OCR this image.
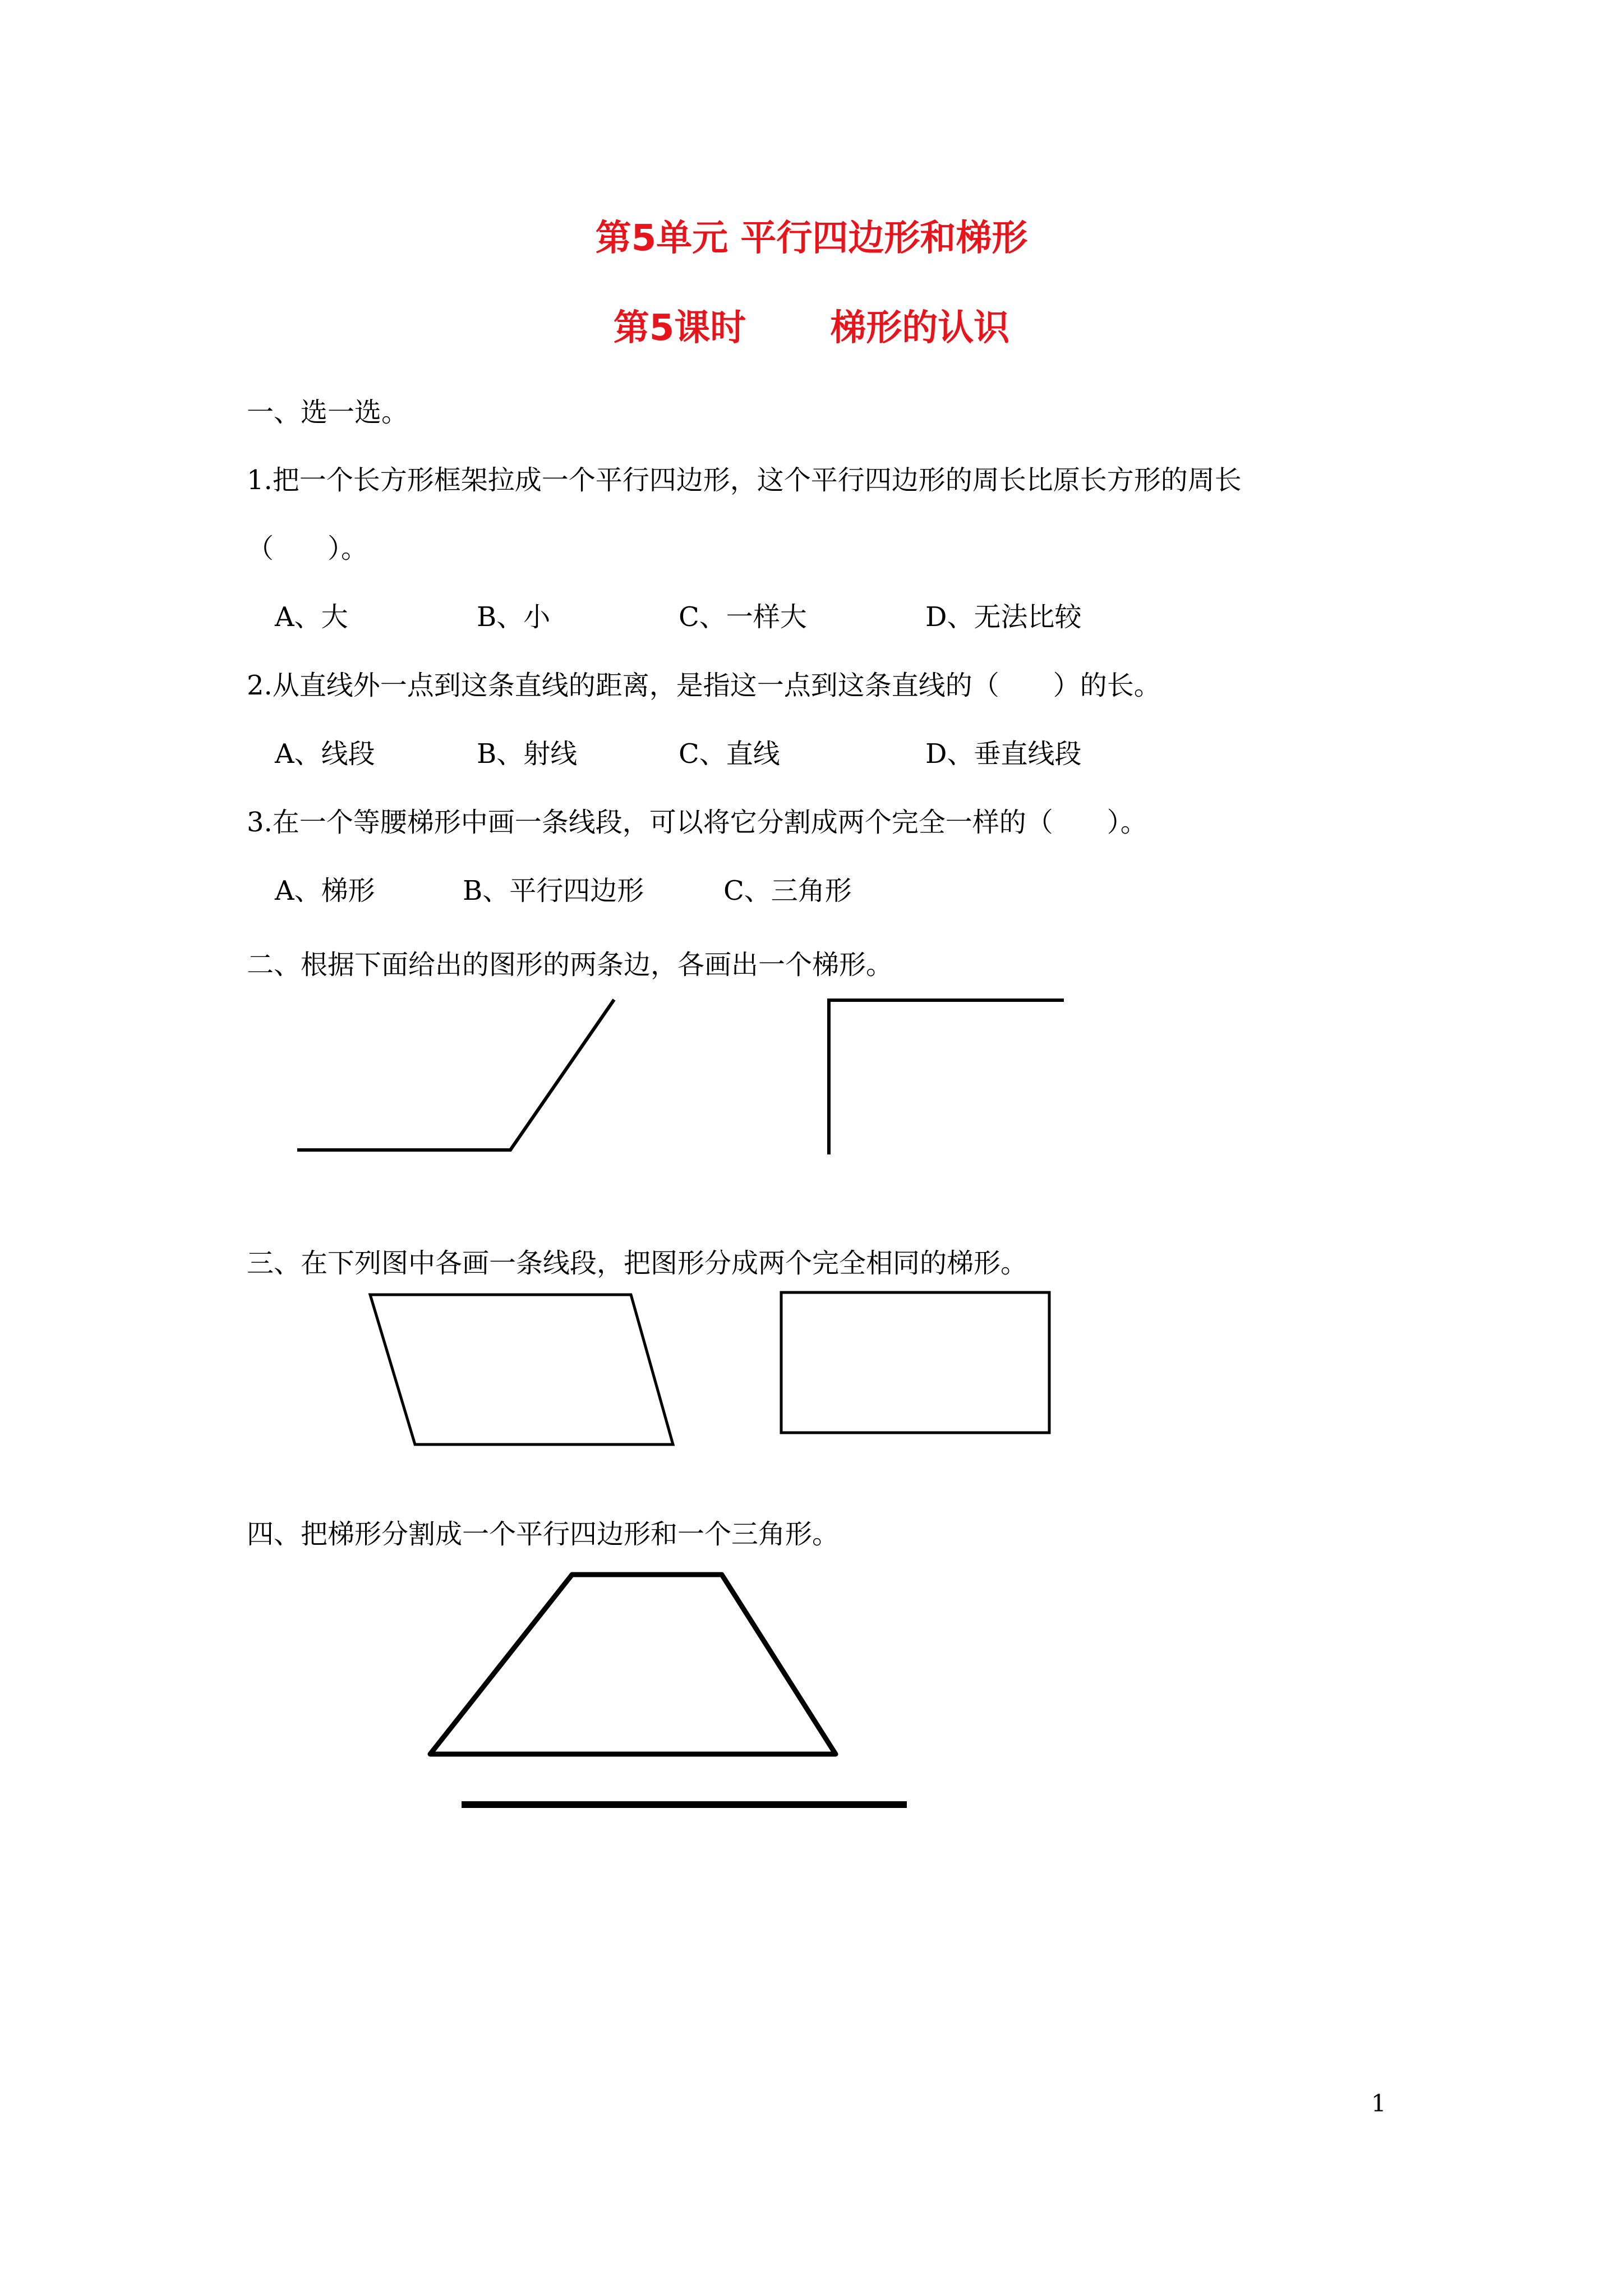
第5单元 平行四边形和梯形
第5课时 梯形的认识
一、选一选。
1.把一个长方形框架拉成一个平行四边形，这个平行四边形的周长比原长方形的周长
（　　）。
A、大	B、小	C、一样大	D、无法比较
2.从直线外一点到这条直线的距离，是指这一点到这条直线的（　　）的长。
A、线段	B、射线	C、直线	D、垂直线段
3.在一个等腰梯形中画一条线段，可以将它分割成两个完全一样的（　　）。
A、梯形	B、平行四边形	C、三角形
二、根据下面给出的图形的两条边，各画出一个梯形。
三、在下列图中各画一条线段，把图形分成两个完全相同的梯形。
四、把梯形分割成一个平行四边形和一个三角形。
1
